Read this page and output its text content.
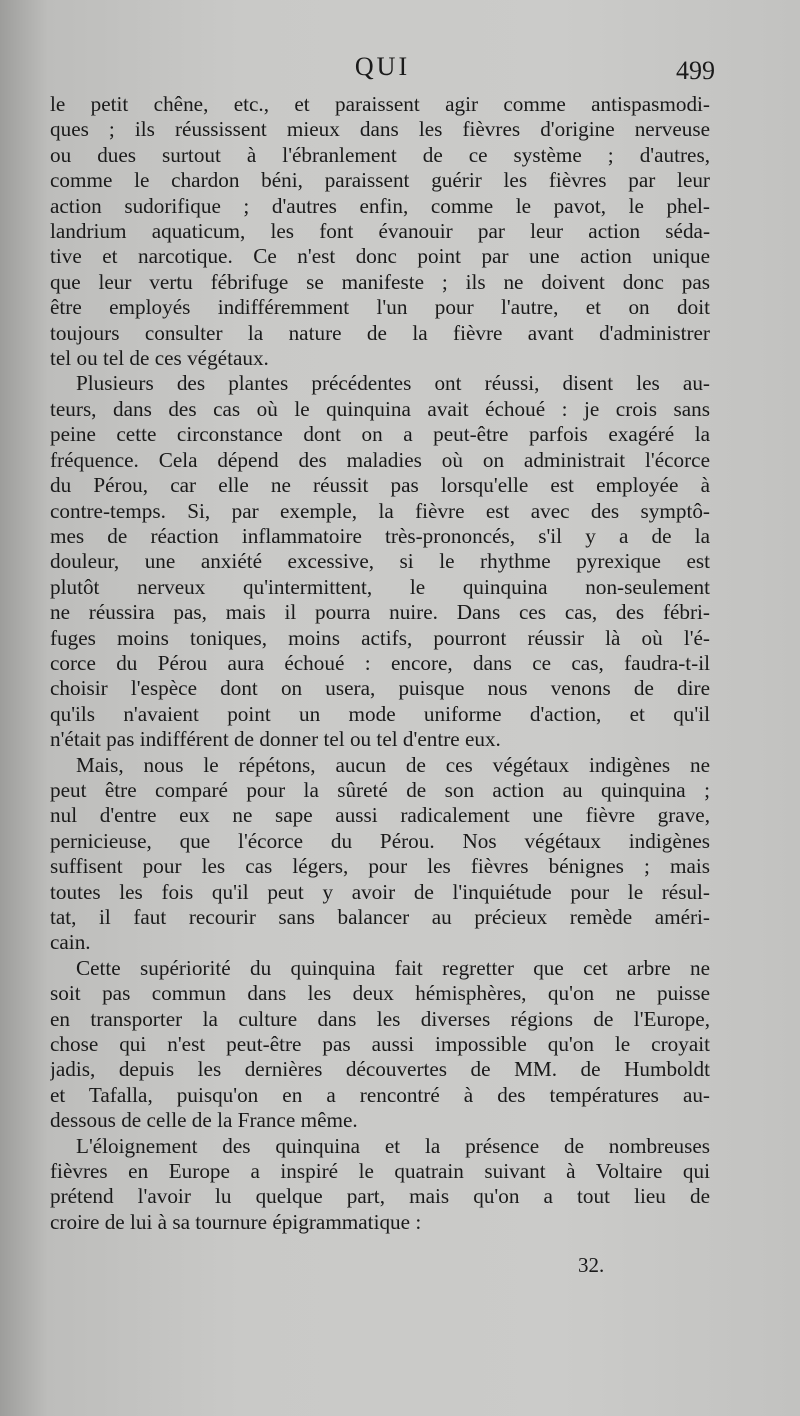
QUI	499
le petit chêne, etc., et paraissent agir comme antispasmodi-
ques ; ils réussissent mieux dans les fièvres d'origine nerveuse
ou dues surtout à l'ébranlement de ce système ; d'autres,
comme le chardon béni, paraissent guérir les fièvres par leur
action sudorifique ; d'autres enfin, comme le pavot, le phel-
landrium aquaticum, les font évanouir par leur action séda-
tive et narcotique. Ce n'est donc point par une action unique
que leur vertu fébrifuge se manifeste ; ils ne doivent donc pas
être employés indifféremment l'un pour l'autre, et on doit
toujours consulter la nature de la fièvre avant d'administrer
tel ou tel de ces végétaux.
Plusieurs des plantes précédentes ont réussi, disent les au-
teurs, dans des cas où le quinquina avait échoué : je crois sans
peine cette circonstance dont on a peut-être parfois exagéré la
fréquence. Cela dépend des maladies où on administrait l'écorce
du Pérou, car elle ne réussit pas lorsqu'elle est employée à
contre-temps. Si, par exemple, la fièvre est avec des symptô-
mes de réaction inflammatoire très-prononcés, s'il y a de la
douleur, une anxiété excessive, si le rhythme pyrexique est
plutôt nerveux qu'intermittent, le quinquina non-seulement
ne réussira pas, mais il pourra nuire. Dans ces cas, des fébri-
fuges moins toniques, moins actifs, pourront réussir là où l'é-
corce du Pérou aura échoué : encore, dans ce cas, faudra-t-il
choisir l'espèce dont on usera, puisque nous venons de dire
qu'ils n'avaient point un mode uniforme d'action, et qu'il
n'était pas indifférent de donner tel ou tel d'entre eux.
Mais, nous le répétons, aucun de ces végétaux indigènes ne
peut être comparé pour la sûreté de son action au quinquina ;
nul d'entre eux ne sape aussi radicalement une fièvre grave,
pernicieuse, que l'écorce du Pérou. Nos végétaux indigènes
suffisent pour les cas légers, pour les fièvres bénignes ; mais
toutes les fois qu'il peut y avoir de l'inquiétude pour le résul-
tat, il faut recourir sans balancer au précieux remède améri-
cain.
Cette supériorité du quinquina fait regretter que cet arbre ne
soit pas commun dans les deux hémisphères, qu'on ne puisse
en transporter la culture dans les diverses régions de l'Europe,
chose qui n'est peut-être pas aussi impossible qu'on le croyait
jadis, depuis les dernières découvertes de MM. de Humboldt
et Tafalla, puisqu'on en a rencontré à des températures au-
dessous de celle de la France même.
L'éloignement des quinquina et la présence de nombreuses
fièvres en Europe a inspiré le quatrain suivant à Voltaire qui
prétend l'avoir lu quelque part, mais qu'on a tout lieu de
croire de lui à sa tournure épigrammatique :
32.
